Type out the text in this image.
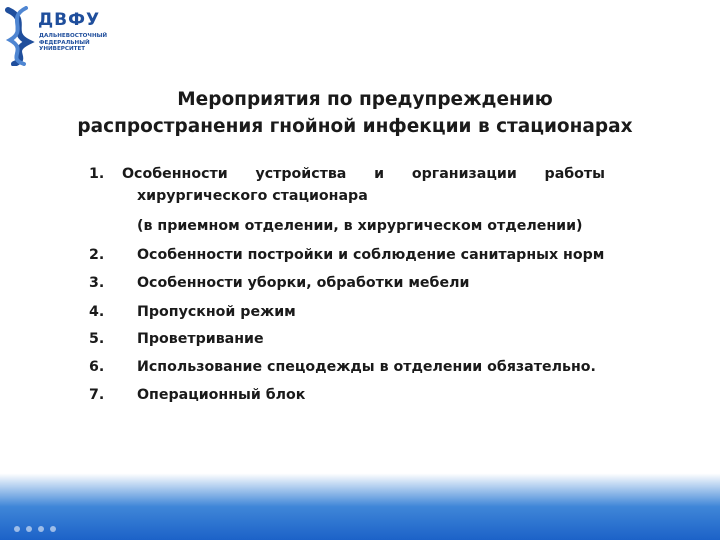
ДВФУ
ДАЛЬНЕВОСТОЧНЫЙ
ФЕДЕРАЛЬНЫЙ
УНИВЕРСИТЕТ
Мероприятия по предупреждению
распространения гнойной инфекции в стационарах
1.	Особенности устройства и организации работы
хирургического стационара
(в приемном отделении, в хирургическом отделении)
2.	Особенности постройки и соблюдение санитарных норм
3.	Особенности уборки, обработки мебели
4.	Пропускной режим
5.	Проветривание
6.	Использование спецодежды в отделении обязательно.
7.	Операционный блок
